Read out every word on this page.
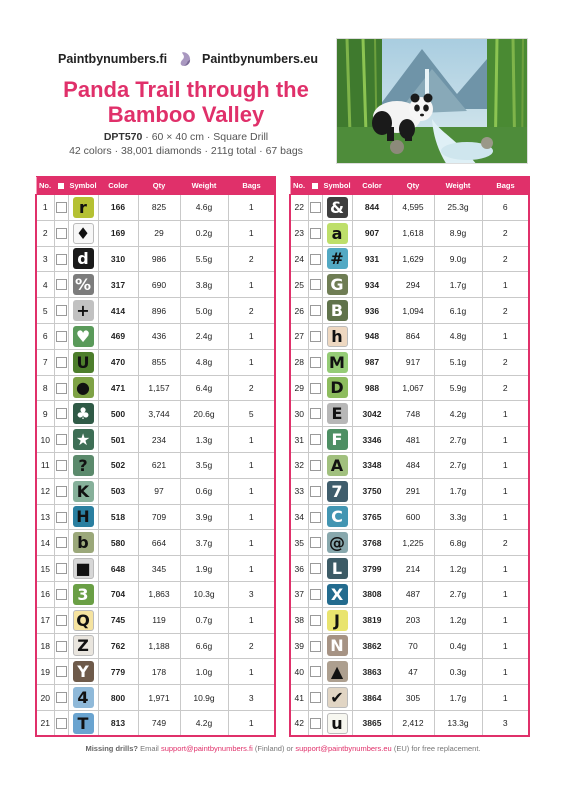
Paintbynumbers.fi	Paintbynumbers.eu
Panda Trail through the
Bamboo Valley
DPT570 · 60 × 40 cm · Square Drill
42 colors · 38,001 diamonds · 211g total · 67 bags
No.		Symbol	Color	Qty	Weight	Bags
1		r	166	825	4.6g	1
2		♦	169	29	0.2g	1
3		d	310	986	5.5g	2
4		%	317	690	3.8g	1
5		+	414	896	5.0g	2
6		♥	469	436	2.4g	1
7		U	470	855	4.8g	1
8		●	471	1,157	6.4g	2
9		♣	500	3,744	20.6g	5
10		★	501	234	1.3g	1
11		?	502	621	3.5g	1
12		K	503	97	0.6g	1
13		H	518	709	3.9g	1
14		b	580	664	3.7g	1
15		■	648	345	1.9g	1
16		3	704	1,863	10.3g	3
17		Q	745	119	0.7g	1
18		Z	762	1,188	6.6g	2
19		Y	779	178	1.0g	1
20		4	800	1,971	10.9g	3
21		T	813	749	4.2g	1
No.		Symbol	Color	Qty	Weight	Bags
22		&	844	4,595	25.3g	6
23		a	907	1,618	8.9g	2
24		#	931	1,629	9.0g	2
25		G	934	294	1.7g	1
26		B	936	1,094	6.1g	2
27		h	948	864	4.8g	1
28		M	987	917	5.1g	2
29		D	988	1,067	5.9g	2
30		E	3042	748	4.2g	1
31		F	3346	481	2.7g	1
32		A	3348	484	2.7g	1
33		7	3750	291	1.7g	1
34		C	3765	600	3.3g	1
35		@	3768	1,225	6.8g	2
36		L	3799	214	1.2g	1
37		X	3808	487	2.7g	1
38		J	3819	203	1.2g	1
39		N	3862	70	0.4g	1
40		▲	3863	47	0.3g	1
41		✔	3864	305	1.7g	1
42		u	3865	2,412	13.3g	3
Missing drills? Email support@paintbynumbers.fi (Finland) or support@paintbynumbers.eu (EU) for free replacement.
